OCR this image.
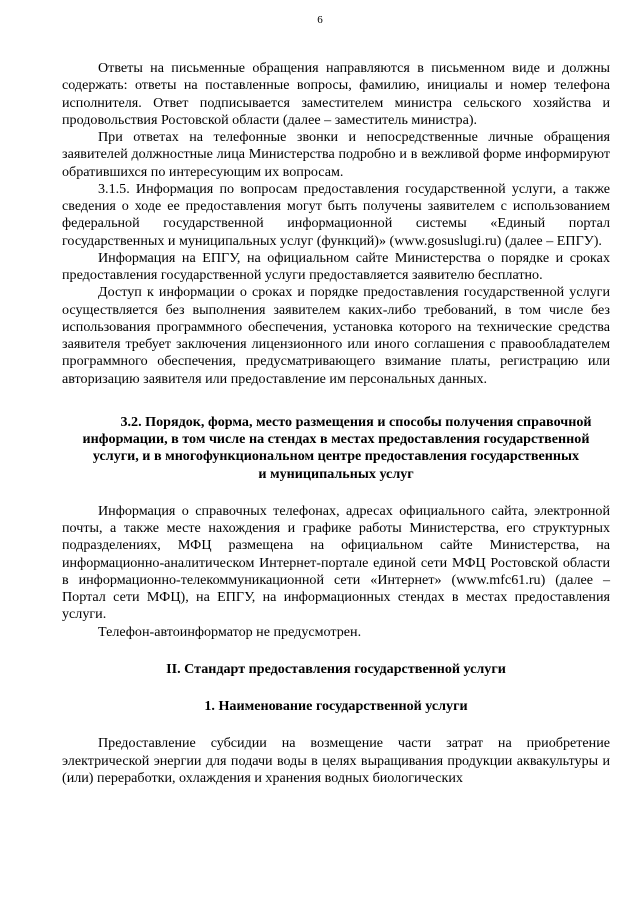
6

Ответы на письменные обращения направляются в письменном виде и должны содержать: ответы на поставленные вопросы, фамилию, инициалы и номер телефона исполнителя. Ответ подписывается заместителем министра сельского хозяйства и продовольствия Ростовской области (далее – заместитель министра).

При ответах на телефонные звонки и непосредственные личные обращения заявителей должностные лица Министерства подробно и в вежливой форме информируют обратившихся по интересующим их вопросам.

3.1.5. Информация по вопросам предоставления государственной услуги, а также сведения о ходе ее предоставления могут быть получены заявителем с использованием федеральной государственной информационной системы «Единый портал государственных и муниципальных услуг (функций)» (www.gosuslugi.ru) (далее – ЕПГУ).

Информация на ЕПГУ, на официальном сайте Министерства о порядке и сроках предоставления государственной услуги предоставляется заявителю бесплатно.

Доступ к информации о сроках и порядке предоставления государственной услуги осуществляется без выполнения заявителем каких-либо требований, в том числе без использования программного обеспечения, установка которого на технические средства заявителя требует заключения лицензионного или иного соглашения с правообладателем программного обеспечения, предусматривающего взимание платы, регистрацию или авторизацию заявителя или предоставление им персональных данных.

3.2. Порядок, форма, место размещения и способы получения справочной
информации, в том числе на стендах в местах предоставления государственной
услуги, и в многофункциональном центре предоставления государственных
и муниципальных услуг

Информация о справочных телефонах, адресах официального сайта, электронной почты, а также месте нахождения и графике работы Министерства, его структурных подразделениях, МФЦ размещена на официальном сайте Министерства, на информационно-аналитическом Интернет-портале единой сети МФЦ Ростовской области в информационно-телекоммуникационной сети «Интернет» (www.mfc61.ru) (далее – Портал сети МФЦ), на ЕПГУ, на информационных стендах в местах предоставления услуги.

Телефон-автоинформатор не предусмотрен.

II. Стандарт предоставления государственной услуги
1. Наименование государственной услуги

Предоставление субсидии на возмещение части затрат на приобретение электрической энергии для подачи воды в целях выращивания продукции аквакультуры и (или) переработки, охлаждения и хранения водных биологических
